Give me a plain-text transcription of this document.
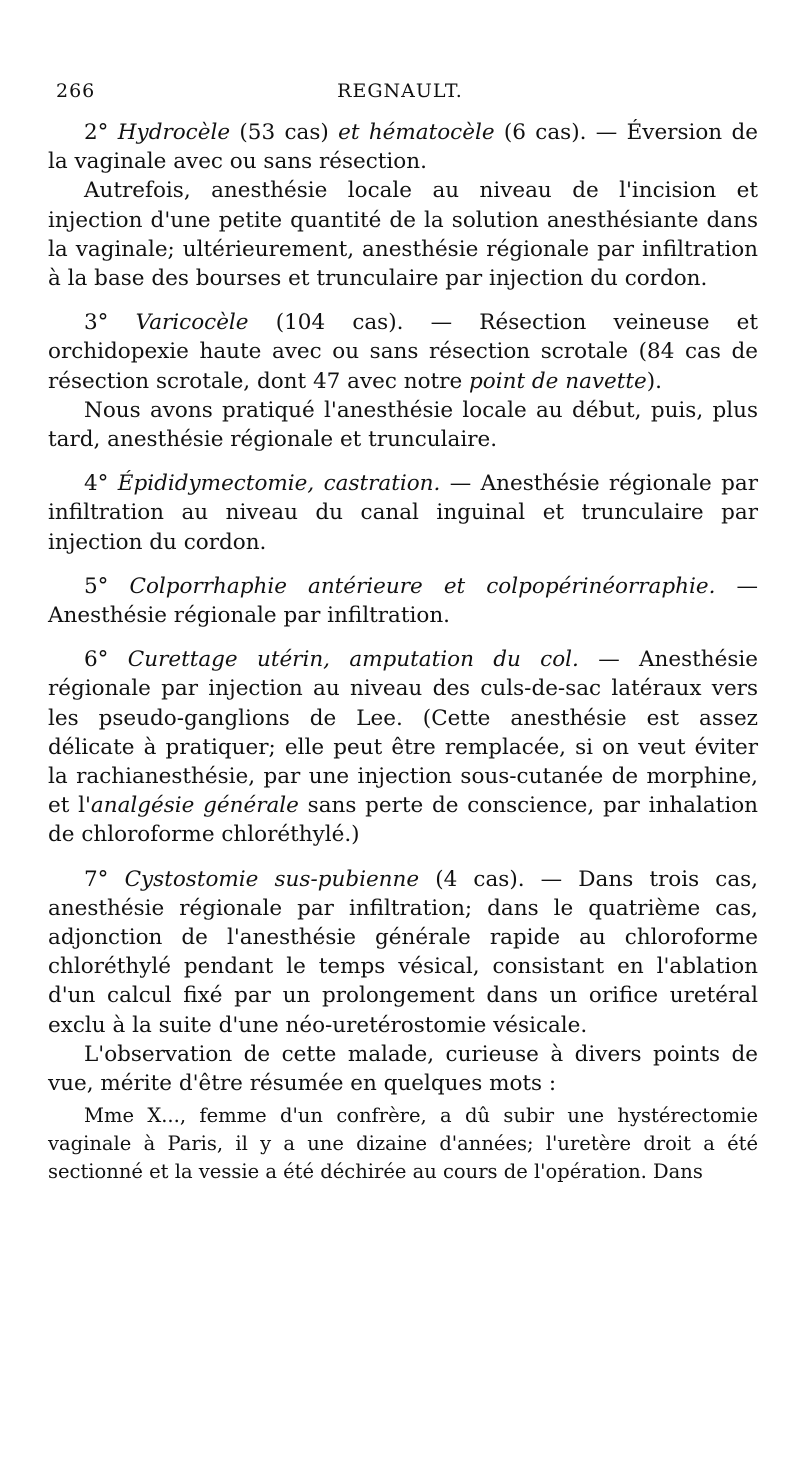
266	REGNAULT.

2° Hydrocèle (53 cas) et hématocèle (6 cas). — Éversion de la vaginale avec ou sans résection.

Autrefois, anesthésie locale au niveau de l'incision et injection d'une petite quantité de la solution anesthésiante dans la vaginale; ultérieurement, anesthésie régionale par infiltration à la base des bourses et trunculaire par injection du cordon.

3° Varicocèle (104 cas). — Résection veineuse et orchidopexie haute avec ou sans résection scrotale (84 cas de résection scrotale, dont 47 avec notre point de navette).

Nous avons pratiqué l'anesthésie locale au début, puis, plus tard, anesthésie régionale et trunculaire.

4° Épididymectomie, castration. — Anesthésie régionale par infiltration au niveau du canal inguinal et trunculaire par injection du cordon.

5° Colporrhaphie antérieure et colpopérinéorraphie. — Anesthésie régionale par infiltration.

6° Curettage utérin, amputation du col. — Anesthésie régionale par injection au niveau des culs-de-sac latéraux vers les pseudo-ganglions de Lee. (Cette anesthésie est assez délicate à pratiquer; elle peut être remplacée, si on veut éviter la rachianesthésie, par une injection sous-cutanée de morphine, et l'analgésie générale sans perte de conscience, par inhalation de chloroforme chloréthylé.)

7° Cystostomie sus-pubienne (4 cas). — Dans trois cas, anesthésie régionale par infiltration; dans le quatrième cas, adjonction de l'anesthésie générale rapide au chloroforme chloréthylé pendant le temps vésical, consistant en l'ablation d'un calcul fixé par un prolongement dans un orifice uretéral exclu à la suite d'une néo-uretérostomie vésicale.

L'observation de cette malade, curieuse à divers points de vue, mérite d'être résumée en quelques mots :

Mme X..., femme d'un confrère, a dû subir une hystérectomie vaginale à Paris, il y a une dizaine d'années; l'uretère droit a été sectionné et la vessie a été déchirée au cours de l'opération. Dans
